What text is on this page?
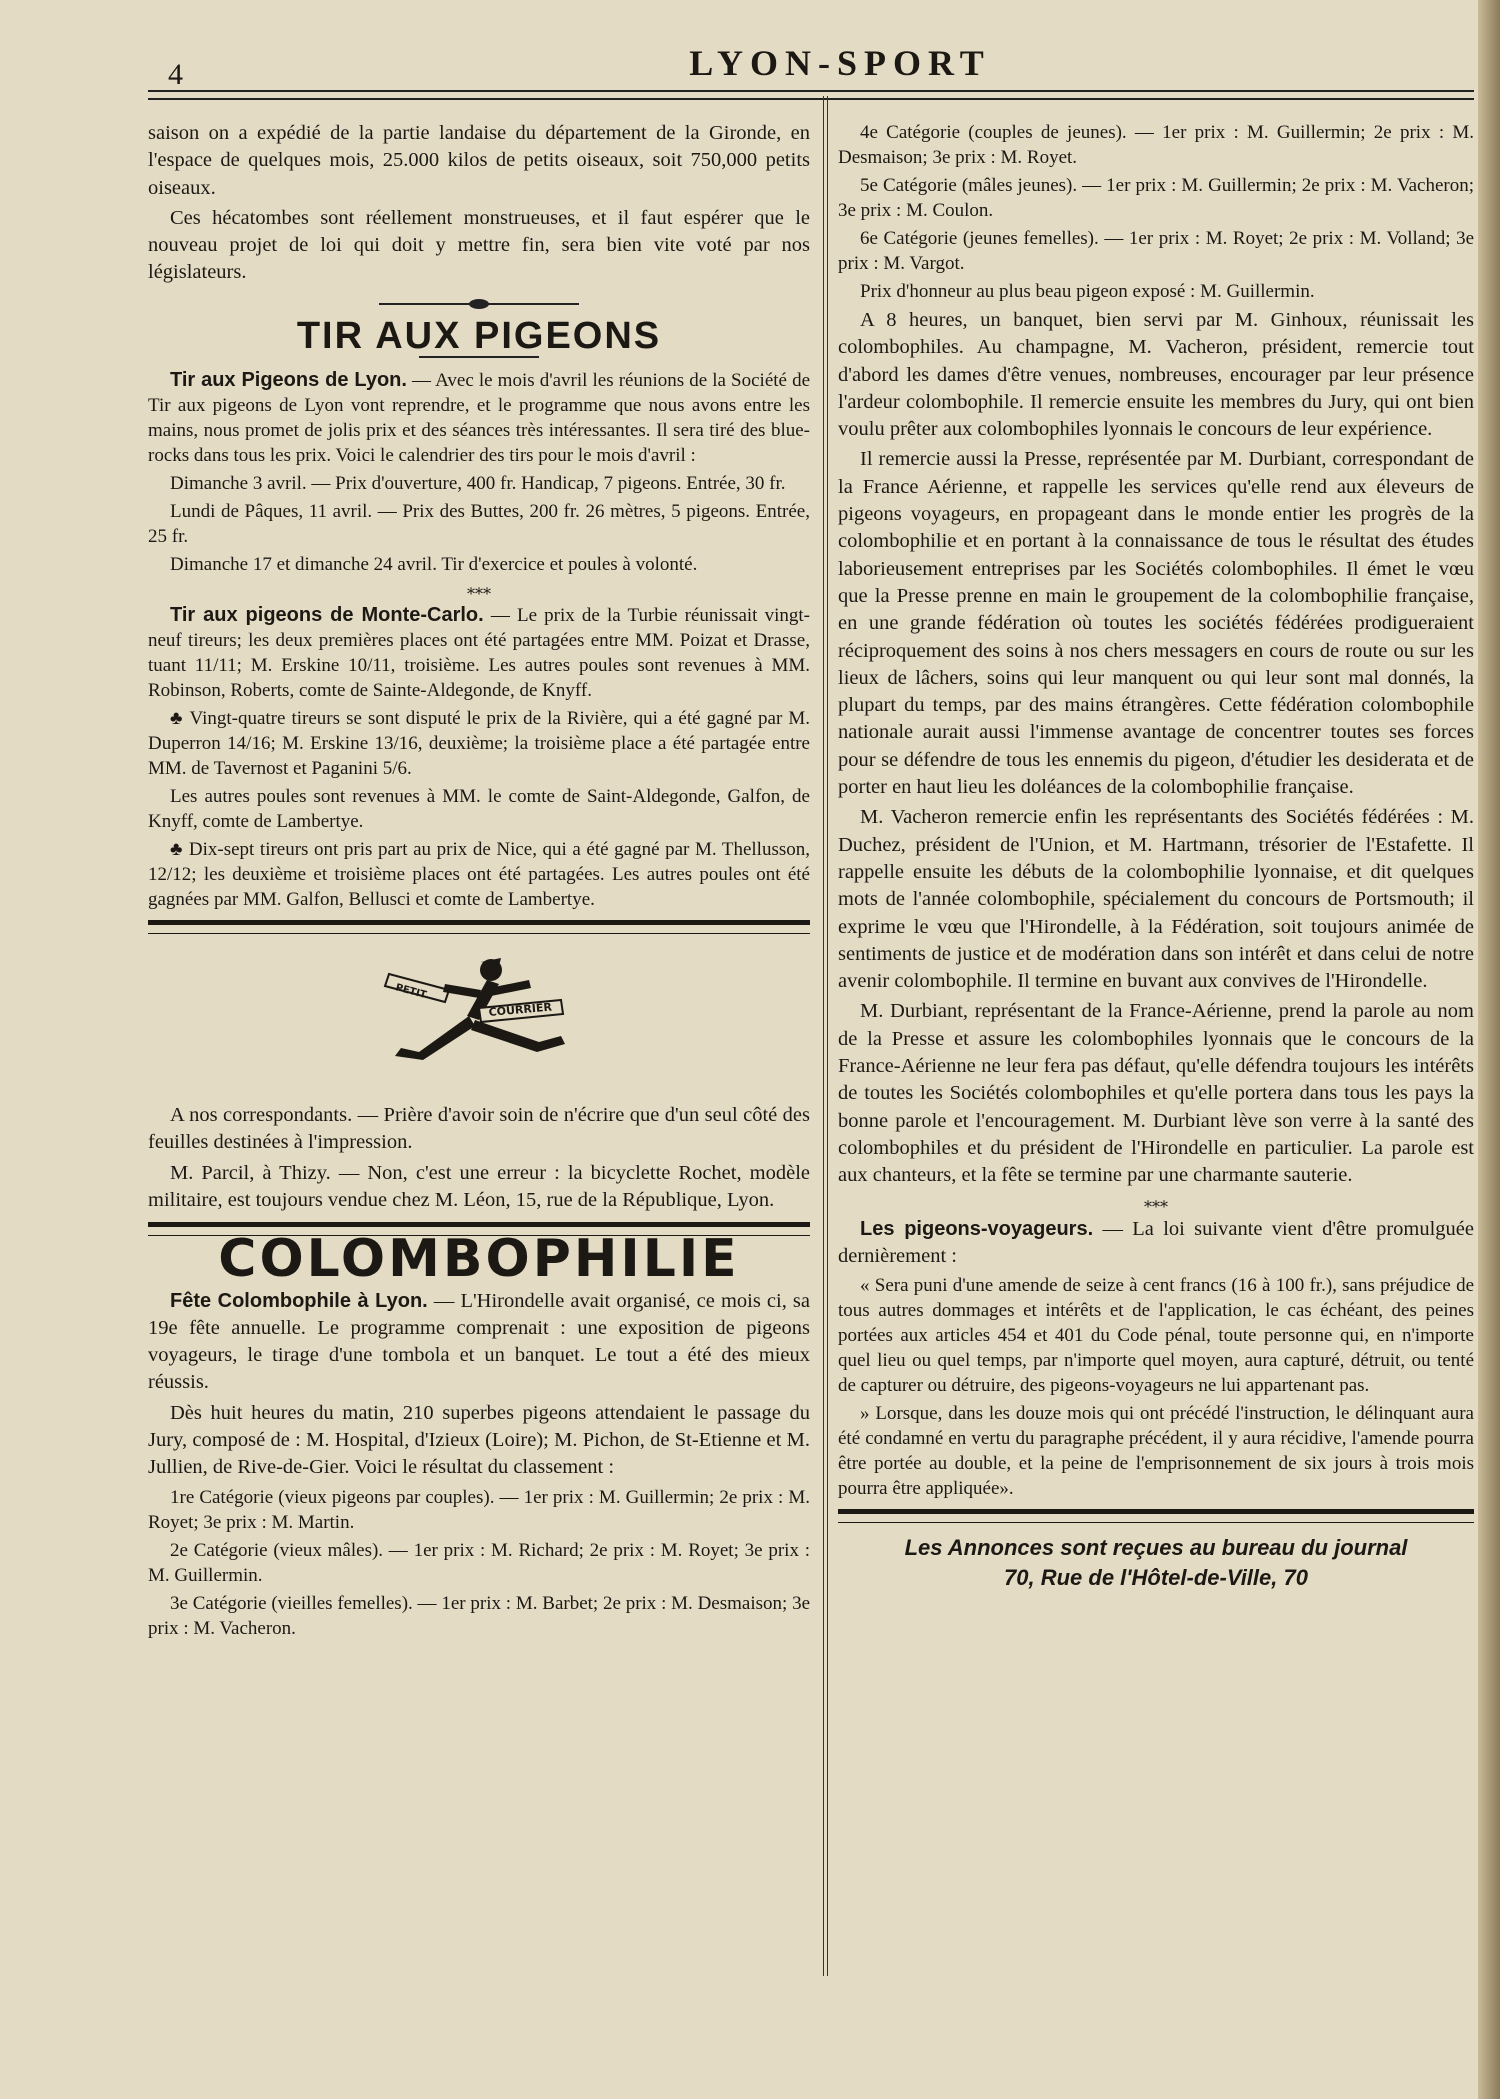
4	LYON-SPORT

saison on a expédié de la partie landaise du département de la Gironde, en l'espace de quelques mois, 25.000 kilos de petits oiseaux, soit 750,000 petits oiseaux.

Ces hécatombes sont réellement monstrueuses, et il faut espérer que le nouveau projet de loi qui doit y mettre fin, sera bien vite voté par nos législateurs.

TIR AUX PIGEONS

Tir aux Pigeons de Lyon. — Avec le mois d'avril les réunions de la Société de Tir aux pigeons de Lyon vont reprendre, et le programme que nous avons entre les mains, nous promet de jolis prix et des séances très intéressantes. Il sera tiré des blue-rocks dans tous les prix. Voici le calendrier des tirs pour le mois d'avril :

Dimanche 3 avril. — Prix d'ouverture, 400 fr. Handicap, 7 pigeons. Entrée, 30 fr.

Lundi de Pâques, 11 avril. — Prix des Buttes, 200 fr. 26 mètres, 5 pigeons. Entrée, 25 fr.

Dimanche 17 et dimanche 24 avril. Tir d'exercice et poules à volonté.

⁎⁎⁎

Tir aux pigeons de Monte-Carlo. — Le prix de la Turbie réunissait vingt-neuf tireurs; les deux premières places ont été partagées entre MM. Poizat et Drasse, tuant 11/11; M. Erskine 10/11, troisième. Les autres poules sont revenues à MM. Robinson, Roberts, comte de Sainte-Aldegonde, de Knyff.

♣ Vingt-quatre tireurs se sont disputé le prix de la Rivière, qui a été gagné par M. Duperron 14/16; M. Erskine 13/16, deuxième; la troisième place a été partagée entre MM. de Tavernost et Paganini 5/6.

Les autres poules sont revenues à MM. le comte de Saint-Aldegonde, Galfon, de Knyff, comte de Lambertye.

♣ Dix-sept tireurs ont pris part au prix de Nice, qui a été gagné par M. Thellusson, 12/12; les deuxième et troisième places ont été partagées. Les autres poules ont été gagnées par MM. Galfon, Bellusci et comte de Lambertye.

PETIT
COURRIER

A nos correspondants. — Prière d'avoir soin de n'écrire que d'un seul côté des feuilles destinées à l'impression.

M. Parcil, à Thizy. — Non, c'est une erreur : la bicyclette Rochet, modèle militaire, est toujours vendue chez M. Léon, 15, rue de la République, Lyon.

COLOMBOPHILIE

Fête Colombophile à Lyon. — L'Hirondelle avait organisé, ce mois ci, sa 19e fête annuelle. Le programme comprenait : une exposition de pigeons voyageurs, le tirage d'une tombola et un banquet. Le tout a été des mieux réussis.

Dès huit heures du matin, 210 superbes pigeons attendaient le passage du Jury, composé de : M. Hospital, d'Izieux (Loire); M. Pichon, de St-Etienne et M. Jullien, de Rive-de-Gier. Voici le résultat du classement :

1re Catégorie (vieux pigeons par couples). — 1er prix : M. Guillermin; 2e prix : M. Royet; 3e prix : M. Martin.

2e Catégorie (vieux mâles). — 1er prix : M. Richard; 2e prix : M. Royet; 3e prix : M. Guillermin.

3e Catégorie (vieilles femelles). — 1er prix : M. Barbet; 2e prix : M. Desmaison; 3e prix : M. Vacheron.

4e Catégorie (couples de jeunes). — 1er prix : M. Guillermin; 2e prix : M. Desmaison; 3e prix : M. Royet.

5e Catégorie (mâles jeunes). — 1er prix : M. Guillermin; 2e prix : M. Vacheron; 3e prix : M. Coulon.

6e Catégorie (jeunes femelles). — 1er prix : M. Royet; 2e prix : M. Volland; 3e prix : M. Vargot.

Prix d'honneur au plus beau pigeon exposé : M. Guillermin.

A 8 heures, un banquet, bien servi par M. Ginhoux, réunissait les colombophiles. Au champagne, M. Vacheron, président, remercie tout d'abord les dames d'être venues, nombreuses, encourager par leur présence l'ardeur colombophile. Il remercie ensuite les membres du Jury, qui ont bien voulu prêter aux colombophiles lyonnais le concours de leur expérience.

Il remercie aussi la Presse, représentée par M. Durbiant, correspondant de la France Aérienne, et rappelle les services qu'elle rend aux éleveurs de pigeons voyageurs, en propageant dans le monde entier les progrès de la colombophilie et en portant à la connaissance de tous le résultat des études laborieusement entreprises par les Sociétés colombophiles. Il émet le vœu que la Presse prenne en main le groupement de la colombophilie française, en une grande fédération où toutes les sociétés fédérées prodigueraient réciproquement des soins à nos chers messagers en cours de route ou sur les lieux de lâchers, soins qui leur manquent ou qui leur sont mal donnés, la plupart du temps, par des mains étrangères. Cette fédération colombophile nationale aurait aussi l'immense avantage de concentrer toutes ses forces pour se défendre de tous les ennemis du pigeon, d'étudier les desiderata et de porter en haut lieu les doléances de la colombophilie française.

M. Vacheron remercie enfin les représentants des Sociétés fédérées : M. Duchez, président de l'Union, et M. Hartmann, trésorier de l'Estafette. Il rappelle ensuite les débuts de la colombophilie lyonnaise, et dit quelques mots de l'année colombophile, spécialement du concours de Portsmouth; il exprime le vœu que l'Hirondelle, à la Fédération, soit toujours animée de sentiments de justice et de modération dans son intérêt et dans celui de notre avenir colombophile. Il termine en buvant aux convives de l'Hirondelle.

M. Durbiant, représentant de la France-Aérienne, prend la parole au nom de la Presse et assure les colombophiles lyonnais que le concours de la France-Aérienne ne leur fera pas défaut, qu'elle défendra toujours les intérêts de toutes les Sociétés colombophiles et qu'elle portera dans tous les pays la bonne parole et l'encouragement. M. Durbiant lève son verre à la santé des colombophiles et du président de l'Hirondelle en particulier. La parole est aux chanteurs, et la fête se termine par une charmante sauterie.

⁎⁎⁎

Les pigeons-voyageurs. — La loi suivante vient d'être promulguée dernièrement :

« Sera puni d'une amende de seize à cent francs (16 à 100 fr.), sans préjudice de tous autres dommages et intérêts et de l'application, le cas échéant, des peines portées aux articles 454 et 401 du Code pénal, toute personne qui, en n'importe quel lieu ou quel temps, par n'importe quel moyen, aura capturé, détruit, ou tenté de capturer ou détruire, des pigeons-voyageurs ne lui appartenant pas.

» Lorsque, dans les douze mois qui ont précédé l'instruction, le délinquant aura été condamné en vertu du paragraphe précédent, il y aura récidive, l'amende pourra être portée au double, et la peine de l'emprisonnement de six jours à trois mois pourra être appliquée».

Les Annonces sont reçues au bureau du journal
70, Rue de l'Hôtel-de-Ville, 70
